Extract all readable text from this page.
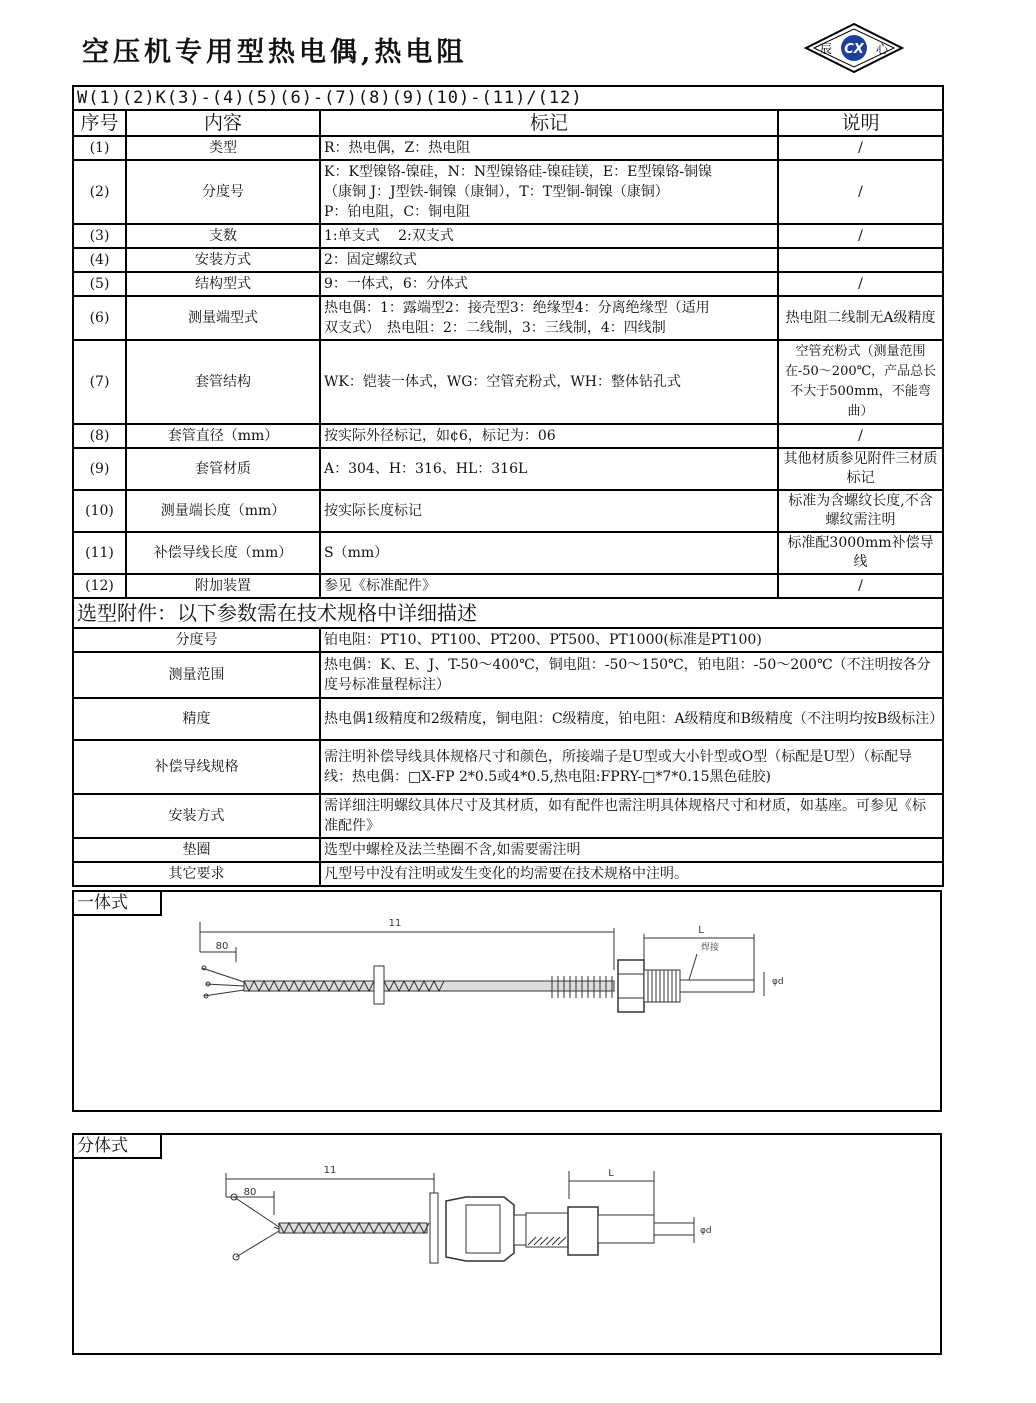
空压机专用型热电偶,热电阻	CX
辰	心
W(1)(2)K(3)-(4)(5)(6)-(7)(8)(9)(10)-(11)/(12)			
序号	内容	标记	说明
(1)	类型	R：热电偶，Z：热电阻	/
(2)	分度号	K：K型镍铬-镍硅，N：N型镍铬硅-镍硅镁，E：E型镍铬-铜镍
（康铜 J：J型铁-铜镍（康铜），T：T型铜-铜镍（康铜）
P：铂电阻，C：铜电阻	/
(3)	支数	1:单支式　 2:双支式	/
(4)	安装方式	2：固定螺纹式	
(5)	结构型式	9：一体式，6：分体式	/
(6)	测量端型式	热电偶：1：露端型2：接壳型3：绝缘型4：分离绝缘型（适用
双支式）　热电阻：2：二线制，3：三线制，4：四线制	热电阻二线制无A级精度
(7)	套管结构	WK：铠装一体式，WG：空管充粉式，WH：整体钻孔式	空管充粉式（测量范围在-50～200℃，产品总长不大于500mm，不能弯曲）
(8)	套管直径（mm）	按实际外径标记，如¢6，标记为：06	/
(9)	套管材质	A：304、H：316、HL：316L	其他材质参见附件三材质标记
(10)	测量端长度（mm）	按实际长度标记	标准为含螺纹长度,不含螺纹需注明
(11)	补偿导线长度（mm）	S（mm）	标准配3000mm补偿导线
(12)	附加装置	参见《标准配件》	/
选型附件：以下参数需在技术规格中详细描述			
分度号		铂电阻：PT10、PT100、PT200、PT500、PT1000(标准是PT100)	
测量范围		热电偶：K、E、J、T-50～400℃，铜电阻：-50～150℃，铂电阻：-50～200℃（不注明按各分度号标准量程标注）	
精度		热电偶1级精度和2级精度，铜电阻：C级精度，铂电阻：A级精度和B级精度（不注明均按B级标注）	
补偿导线规格		需注明补偿导线具体规格尺寸和颜色，所接端子是U型或大小针型或O型（标配是U型）（标配导线：热电偶：□X-FP 2*0.5或4*0.5,热电阻:FPRY-□*7*0.15黑色硅胶)	
安装方式		需详细注明螺纹具体尺寸及其材质，如有配件也需注明具体规格尺寸和材质，如基座。可参见《标准配件》	
垫圈		选型中螺栓及法兰垫圈不含,如需要需注明	
其它要求		凡型号中没有注明或发生变化的均需要在技术规格中注明。	
一体式
11
80
L
焊接
φd
分体式
11
80
L
φd
